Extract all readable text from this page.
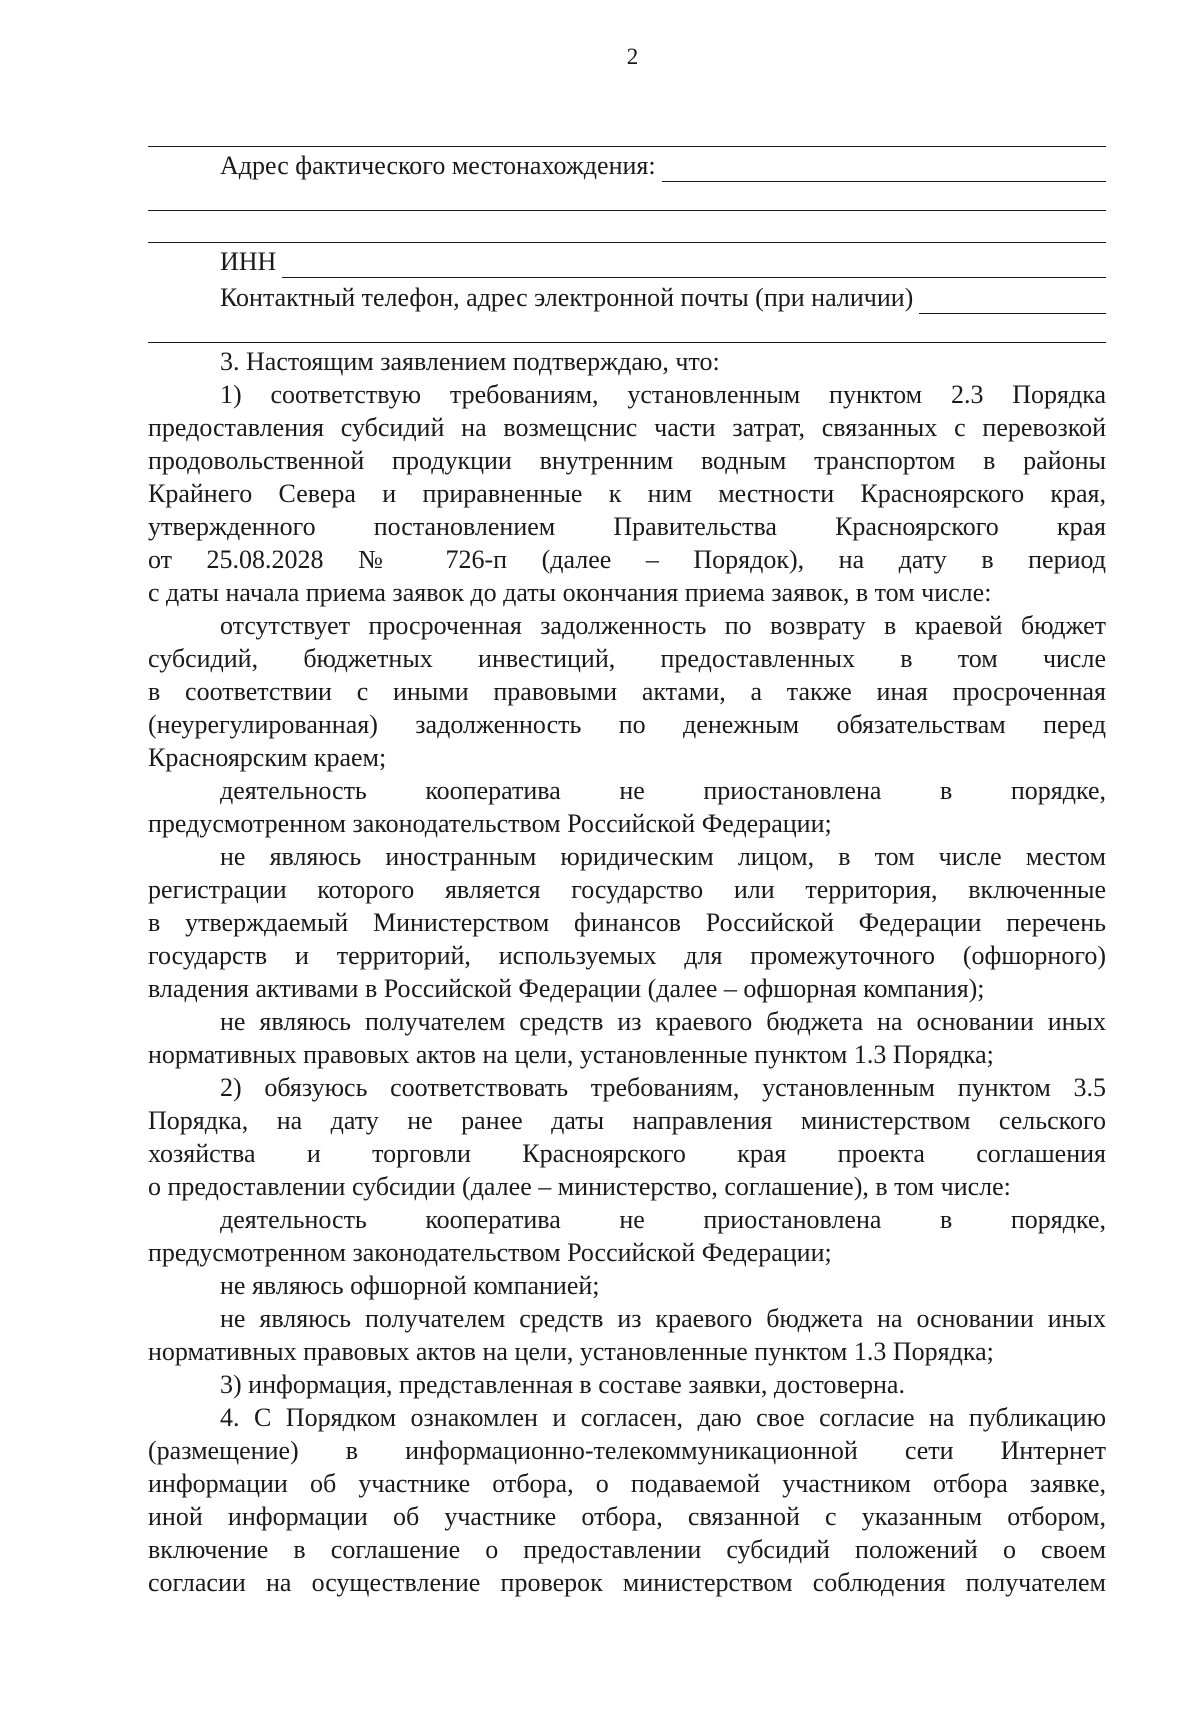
2
Адрес фактического местонахождения:
ИНН
Контактный телефон, адрес электронной почты (при наличии)
3. Настоящим заявлением подтверждаю, что:
1) соответствую требованиям, установленным пунктом 2.3 Порядка
предоставления субсидий на возмещснис части затрат, связанных с перевозкой
продовольственной продукции внутренним водным транспортом в районы
Крайнего Севера и приравненные к ним местности Красноярского края,
утвержденного постановлением Правительства Красноярского края
от 25.08.2028 № 726-п (далее – Порядок), на дату в период
с даты начала приема заявок до даты окончания приема заявок, в том числе:
отсутствует просроченная задолженность по возврату в краевой бюджет
субсидий, бюджетных инвестиций, предоставленных в том числе
в соответствии с иными правовыми актами, а также иная просроченная
(неурегулированная) задолженность по денежным обязательствам перед
Красноярским краем;
деятельность кооператива не приостановлена в порядке,
предусмотренном законодательством Российской Федерации;
не являюсь иностранным юридическим лицом, в том числе местом
регистрации которого является государство или территория, включенные
в утверждаемый Министерством финансов Российской Федерации перечень
государств и территорий, используемых для промежуточного (офшорного)
владения активами в Российской Федерации (далее – офшорная компания);
не являюсь получателем средств из краевого бюджета на основании иных
нормативных правовых актов на цели, установленные пунктом 1.3 Порядка;
2) обязуюсь соответствовать требованиям, установленным пунктом 3.5
Порядка, на дату не ранее даты направления министерством сельского
хозяйства и торговли Красноярского края проекта соглашения
о предоставлении субсидии (далее – министерство, соглашение), в том числе:
деятельность кооператива не приостановлена в порядке,
предусмотренном законодательством Российской Федерации;
не являюсь офшорной компанией;
не являюсь получателем средств из краевого бюджета на основании иных
нормативных правовых актов на цели, установленные пунктом 1.3 Порядка;
3) информация, представленная в составе заявки, достоверна.
4. С Порядком ознакомлен и согласен, даю свое согласие на публикацию
(размещение) в информационно-телекоммуникационной сети Интернет
информации об участнике отбора, о подаваемой участником отбора заявке,
иной информации об участнике отбора, связанной с указанным отбором,
включение в соглашение о предоставлении субсидий положений о своем
согласии на осуществление проверок министерством соблюдения получателем
